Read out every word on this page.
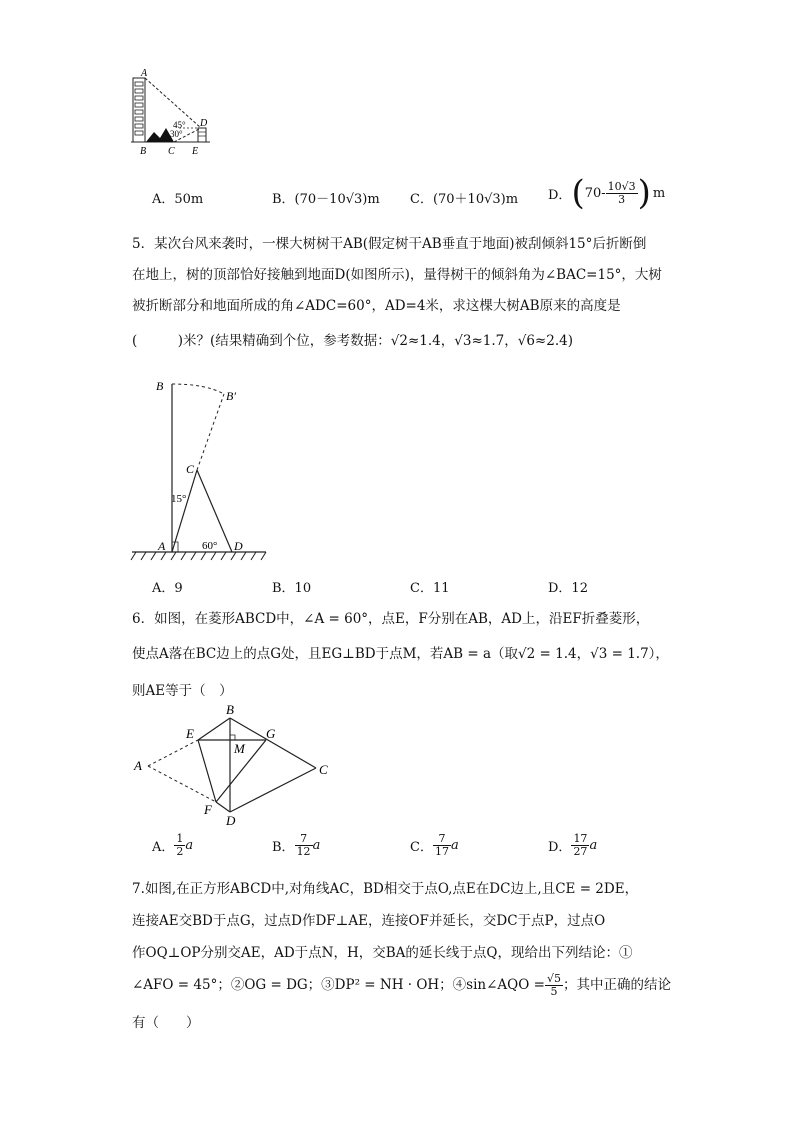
A
B C
D
E
45°
30°
A．50m	B．(70－10√3)m C．(70＋10√3)m D． ( $70- \frac{10√3}{3}$ ) m
5．某次台风来袭时，一棵大树树干AB(假定树干AB垂直于地面)被刮倾斜15°后折断倒
在地上，树的顶部恰好接触到地面D(如图所示)，量得树干的倾斜角为∠BAC=15°，大树
被折断部分和地面所成的角∠ADC=60°，AD=4米，求这棵大树AB原来的高度是
(　　　)米？(结果精确到个位，参考数据：√2≈1.4，√3≈1.7，√6≈2.4)
B
B′
C
A	D
15°
60°
A．9	B．10	C．11	D．12
6．如图，在菱形ABCD中，∠A = 60°，点E，F分别在AB，AD上，沿EF折叠菱形，
使点A落在BC边上的点G处，且EG⊥BD于点M，若AB = a（取√2 = 1.4，√3 = 1.7），
则AE等于（　）
A
B
C
D
E
F
G
M
A． $\frac{1}{2}$ a	B． $\frac{7}{12}$ a	C． $\frac{7}{17}$ a	D． $\frac{17}{27}$ a
7.如图,在正方形ABCD中,对角线AC，BD相交于点O,点E在DC边上,且CE = 2DE，
连接AE交BD于点G，过点D作DF⊥AE，连接OF并延长，交DC于点P，过点O
作OQ⊥OP分别交AE，AD于点N，H，交BA的延长线于点Q，现给出下列结论：①
∠AFO = 45°；②OG = DG；③DP² = NH · OH；④sin∠AQO = $\frac{√5}{5}$ ；其中正确的结论
有（　　）
